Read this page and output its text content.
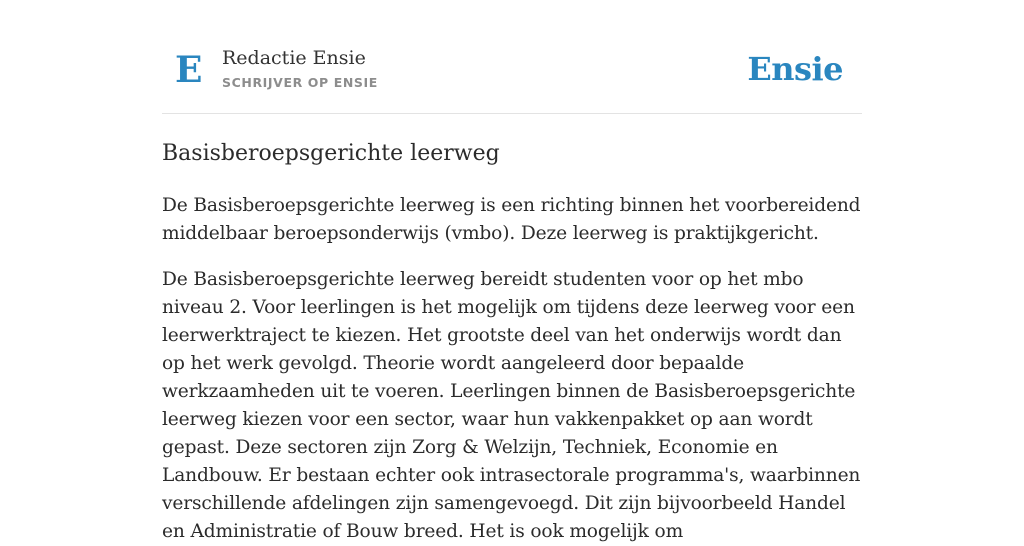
E Redactie Ensie
SCHRIJVER OP ENSIE	Ensie
Basisberoepsgerichte leerweg

De Basisberoepsgerichte leerweg is een richting binnen het voorbereidend middelbaar beroepsonderwijs (vmbo). Deze leerweg is praktijkgericht.

De Basisberoepsgerichte leerweg bereidt studenten voor op het mbo niveau 2. Voor leerlingen is het mogelijk om tijdens deze leerweg voor een leerwerktraject te kiezen. Het grootste deel van het onderwijs wordt dan op het werk gevolgd. Theorie wordt aangeleerd door bepaalde werkzaamheden uit te voeren. Leerlingen binnen de Basisberoepsgerichte leerweg kiezen voor een sector, waar hun vakkenpakket op aan wordt gepast. Deze sectoren zijn Zorg & Welzijn, Techniek, Economie en Landbouw. Er bestaan echter ook intrasectorale programma's, waarbinnen verschillende afdelingen zijn samengevoegd. Dit zijn bijvoorbeeld Handel en Administratie of Bouw breed. Het is ook mogelijk om
